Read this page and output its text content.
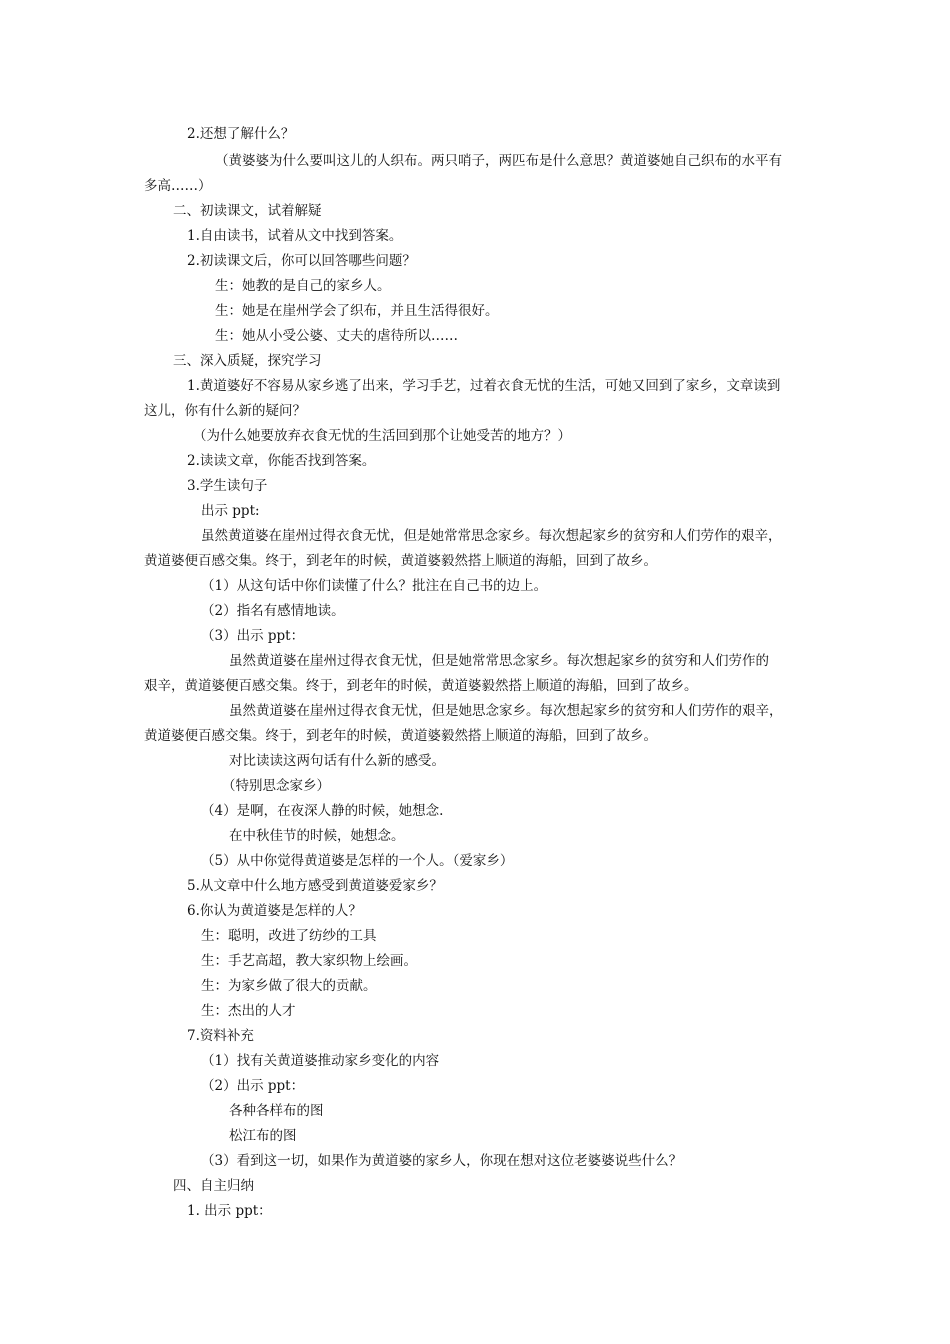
2.还想了解什么？
（黄婆婆为什么要叫这儿的人织布。两只哨子，两匹布是什么意思？黄道婆她自己织布的水平有
多高……）
二、初读课文，试着解疑
1.自由读书，试着从文中找到答案。
2.初读课文后，你可以回答哪些问题？
生：她教的是自己的家乡人。
生：她是在崖州学会了织布，并且生活得很好。
生：她从小受公婆、丈夫的虐待所以……
三、深入质疑，探究学习
1.黄道婆好不容易从家乡逃了出来，学习手艺，过着衣食无忧的生活，可她又回到了家乡，文章读到
这儿，你有什么新的疑问？
（为什么她要放弃衣食无忧的生活回到那个让她受苦的地方？）
2.读读文章，你能否找到答案。
3.学生读句子
出示 ppt:
虽然黄道婆在崖州过得衣食无忧，但是她常常思念家乡。每次想起家乡的贫穷和人们劳作的艰辛，
黄道婆便百感交集。终于，到老年的时候，黄道婆毅然搭上顺道的海船，回到了故乡。
（1）从这句话中你们读懂了什么？批注在自己书的边上。
（2）指名有感情地读。
（3）出示 ppt：
虽然黄道婆在崖州过得衣食无忧，但是她常常思念家乡。每次想起家乡的贫穷和人们劳作的
艰辛，黄道婆便百感交集。终于，到老年的时候，黄道婆毅然搭上顺道的海船，回到了故乡。
虽然黄道婆在崖州过得衣食无忧，但是她思念家乡。每次想起家乡的贫穷和人们劳作的艰辛，
黄道婆便百感交集。终于，到老年的时候，黄道婆毅然搭上顺道的海船，回到了故乡。
对比读读这两句话有什么新的感受。
（特别思念家乡）
（4）是啊，在夜深人静的时候，她想念.
在中秋佳节的时候，她想念。
（5）从中你觉得黄道婆是怎样的一个人。（爱家乡）
5.从文章中什么地方感受到黄道婆爱家乡？
6.你认为黄道婆是怎样的人？
生：聪明，改进了纺纱的工具
生：手艺高超，教大家织物上绘画。
生：为家乡做了很大的贡献。
生：杰出的人才
7.资料补充
（1）找有关黄道婆推动家乡变化的内容
（2）出示 ppt：
各种各样布的图
松江布的图
（3）看到这一切，如果作为黄道婆的家乡人，你现在想对这位老婆婆说些什么？
四、自主归纳
1. 出示 ppt：
